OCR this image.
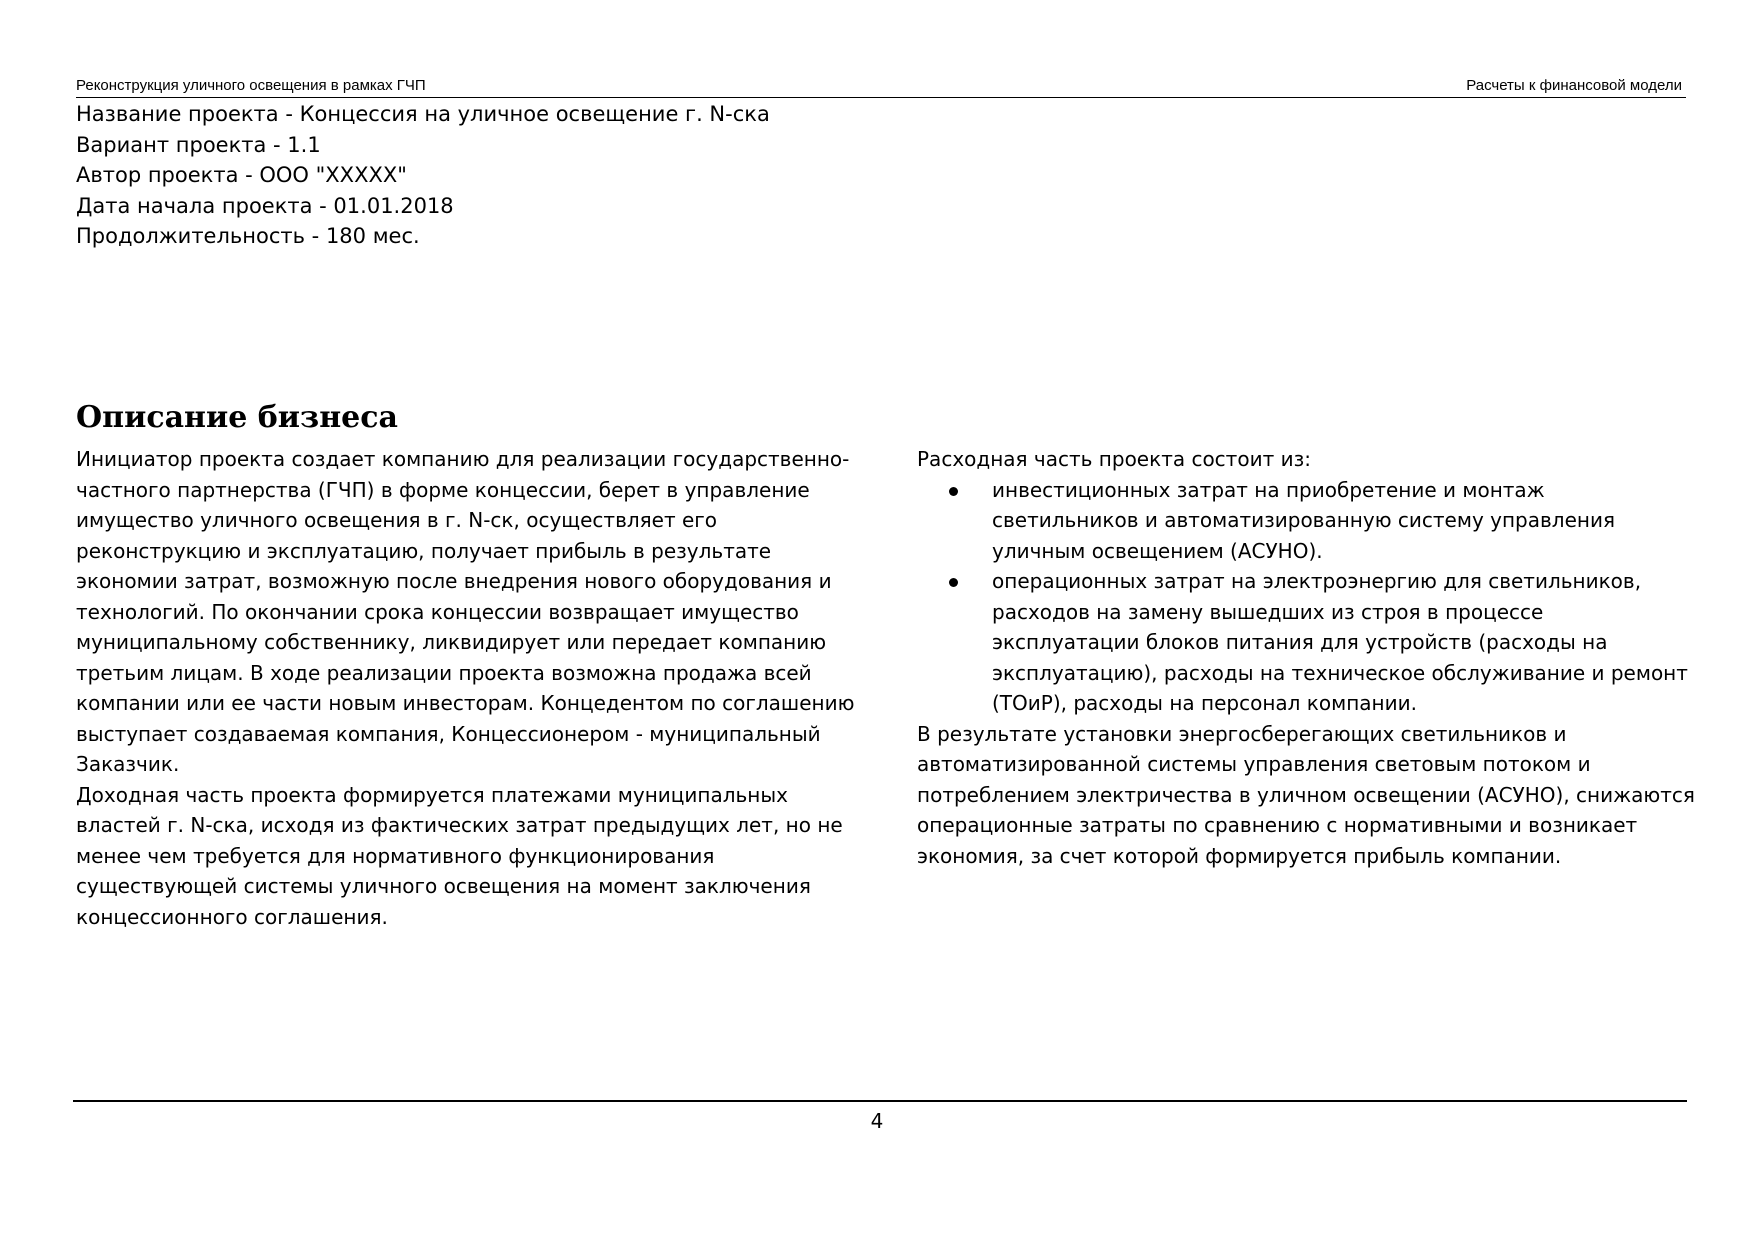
Реконструкция уличного освещения в рамках ГЧП	Расчеты к финансовой модели
Название проекта - Концессия на уличное освещение г. N-ска
Вариант проекта - 1.1
Автор проекта - ООО "ХХХХХ"
Дата начала проекта - 01.01.2018
Продолжительность - 180 мес.
Описание бизнеса

Инициатор проекта создает компанию для реализации государственно-частного партнерства (ГЧП) в форме концессии, берет в управление имущество уличного освещения в г. N-ск, осуществляет его реконструкцию и эксплуатацию, получает прибыль в результате экономии затрат, возможную после внедрения нового оборудования и технологий. По окончании срока концессии возвращает имущество муниципальному собственнику, ликвидирует или передает компанию третьим лицам. В ходе реализации проекта возможна продажа всей компании или ее части новым инвесторам. Концедентом по соглашению выступает создаваемая компания, Концессионером - муниципальный Заказчик.

Доходная часть проекта формируется платежами муниципальных властей г. N-ска, исходя из фактических затрат предыдущих лет, но не менее чем требуется для нормативного функционирования существующей системы уличного освещения на момент заключения концессионного соглашения.

Расходная часть проекта состоит из:

инвестиционных затрат на приобретение и монтаж светильников и автоматизированную систему управления уличным освещением (АСУНО).
операционных затрат на электроэнергию для светильников, расходов на замену вышедших из строя в процессе эксплуатации блоков питания для устройств (расходы на эксплуатацию), расходы на техническое обслуживание и ремонт (ТОиР), расходы на персонал компании.

В результате установки энергосберегающих светильников и автоматизированной системы управления световым потоком и потреблением электричества в уличном освещении (АСУНО), снижаются операционные затраты по сравнению с нормативными и возникает экономия, за счет которой формируется прибыль компании.

4
